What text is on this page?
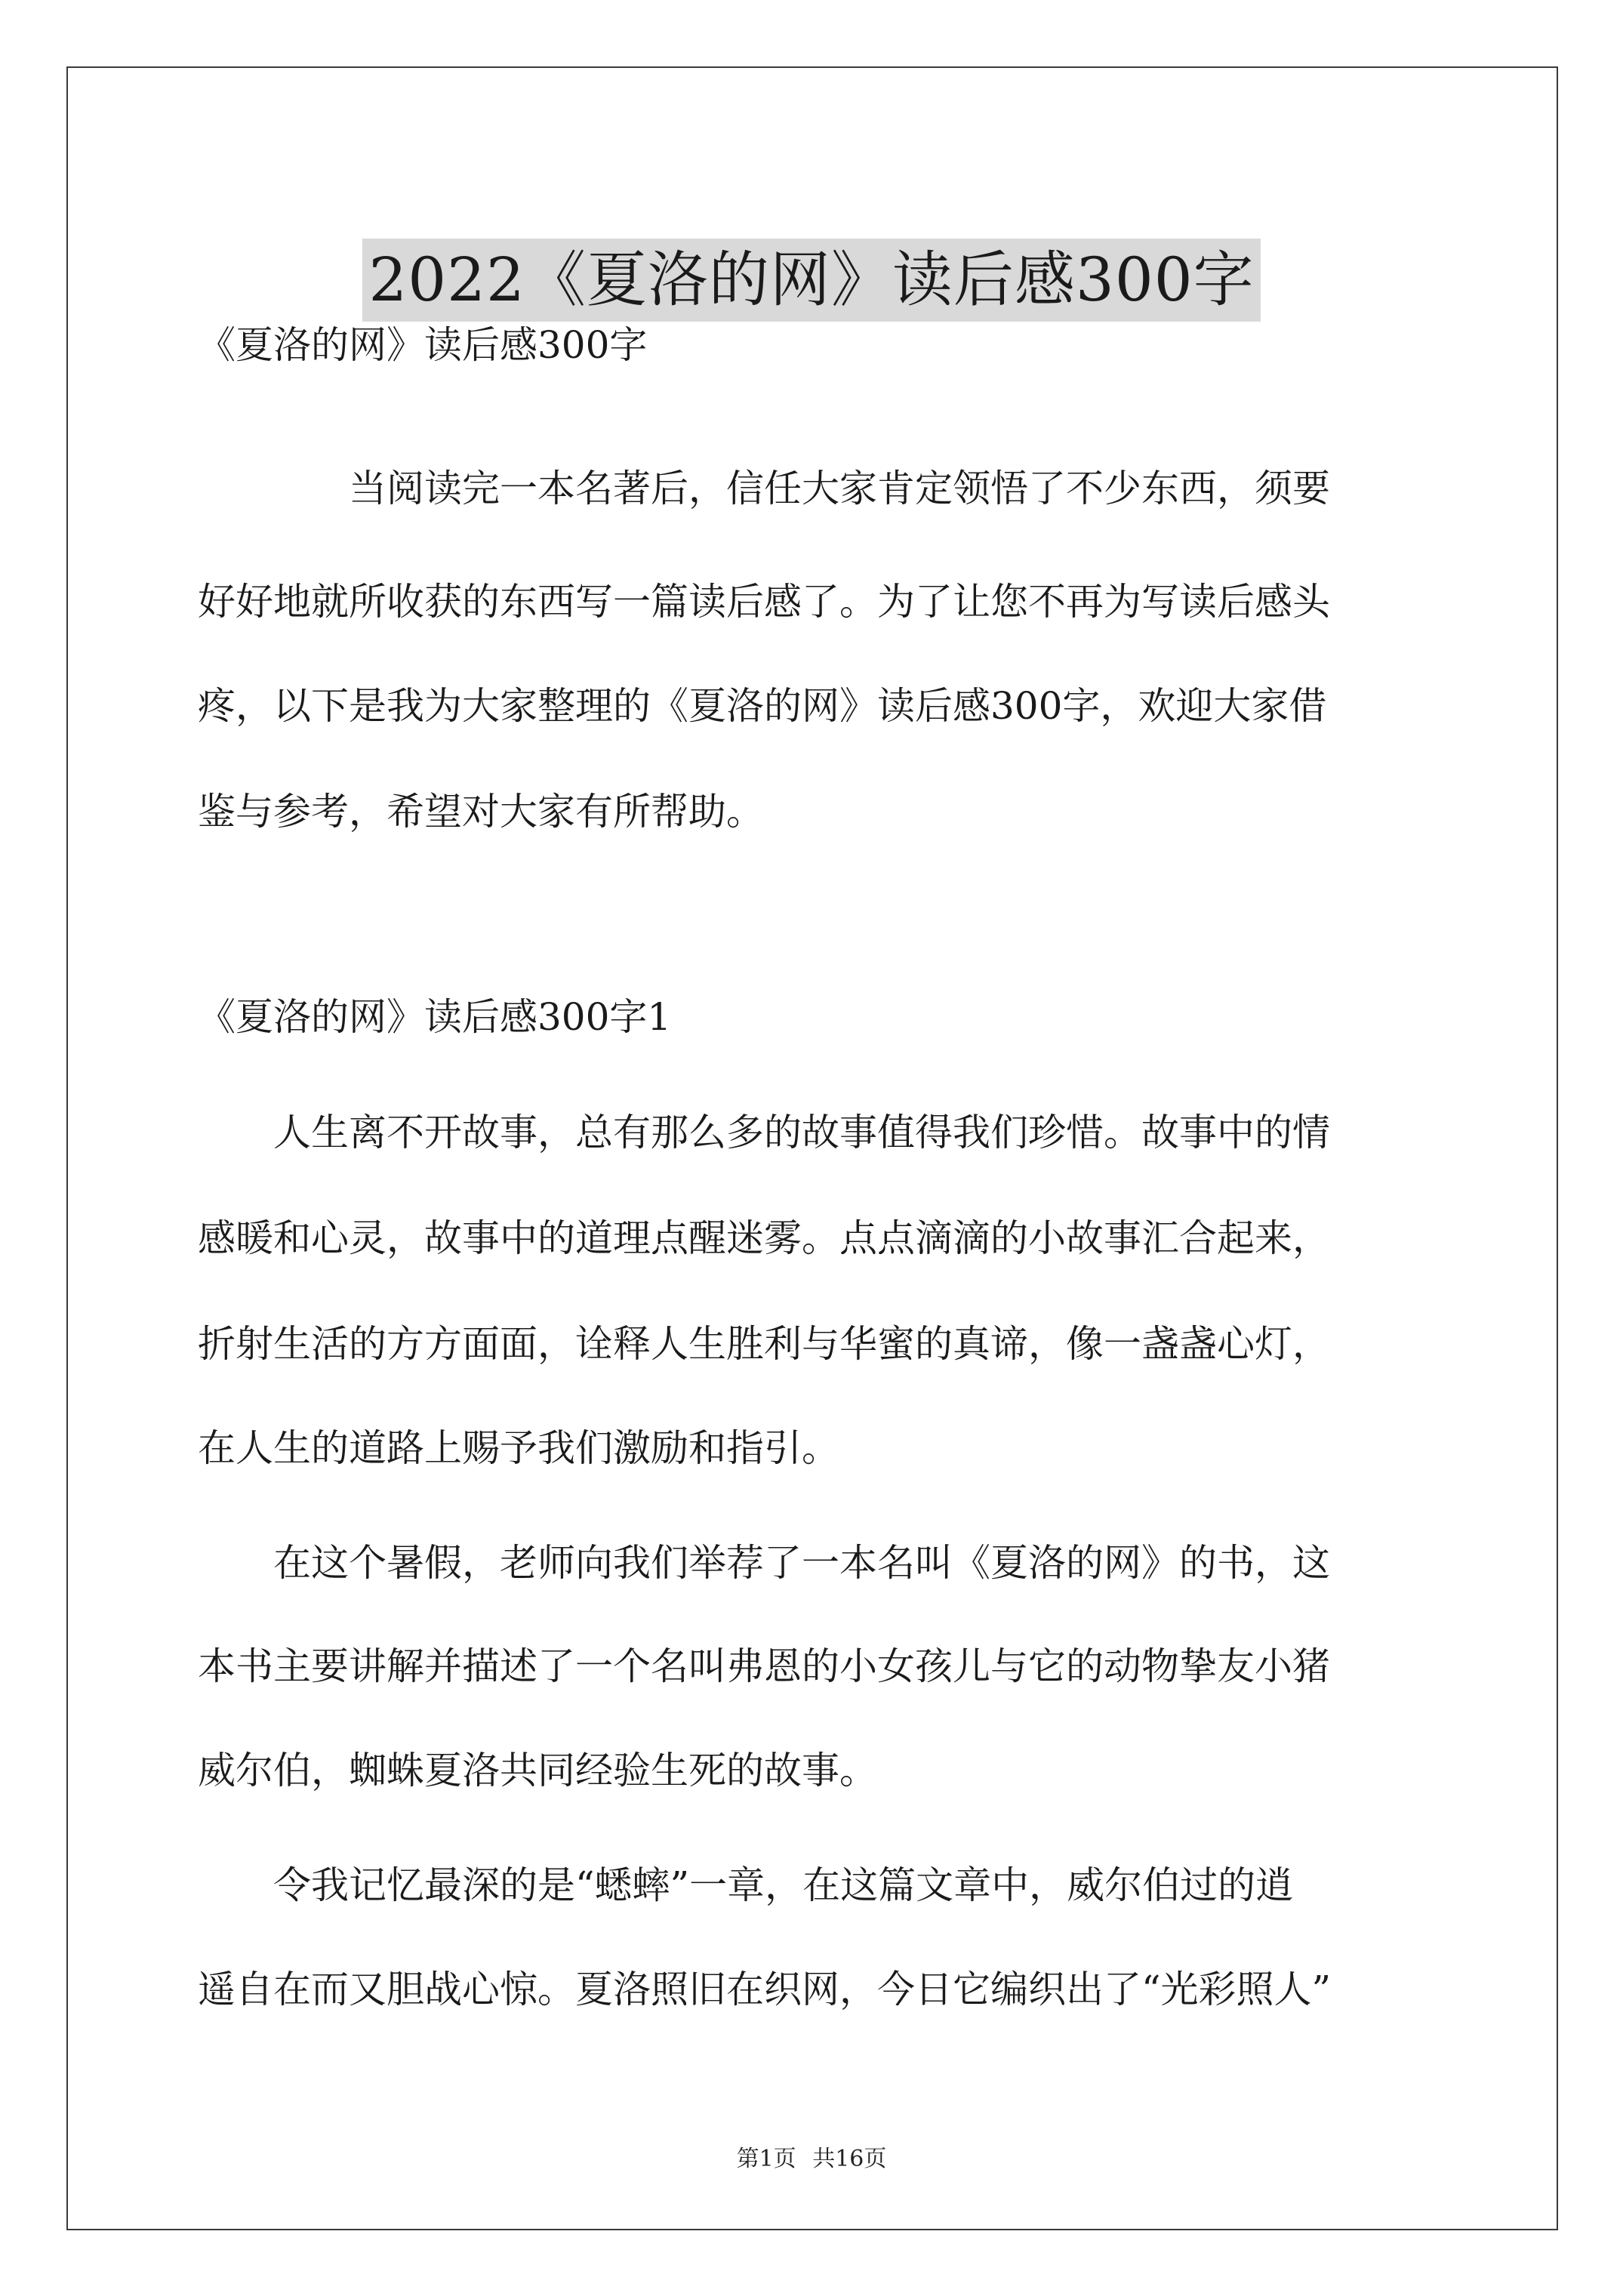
2022《夏洛的网》读后感300字

《夏洛的网》读后感300字

　　　　当阅读完一本名著后，信任大家肯定领悟了不少东西，须要

好好地就所收获的东西写一篇读后感了。为了让您不再为写读后感头

疼，以下是我为大家整理的《夏洛的网》读后感300字，欢迎大家借

鉴与参考，希望对大家有所帮助。

《夏洛的网》读后感300字1

　　人生离不开故事，总有那么多的故事值得我们珍惜。故事中的情

感暖和心灵，故事中的道理点醒迷雾。点点滴滴的小故事汇合起来，

折射生活的方方面面，诠释人生胜利与华蜜的真谛，像一盏盏心灯，

在人生的道路上赐予我们激励和指引。

　　在这个暑假，老师向我们举荐了一本名叫《夏洛的网》的书，这

本书主要讲解并描述了一个名叫弗恩的小女孩儿与它的动物挚友小猪

威尔伯，蜘蛛夏洛共同经验生死的故事。

　　令我记忆最深的是“蟋蟀”一章，在这篇文章中，威尔伯过的逍

遥自在而又胆战心惊。夏洛照旧在织网，今日它编织出了“光彩照人”

第1页 共16页
